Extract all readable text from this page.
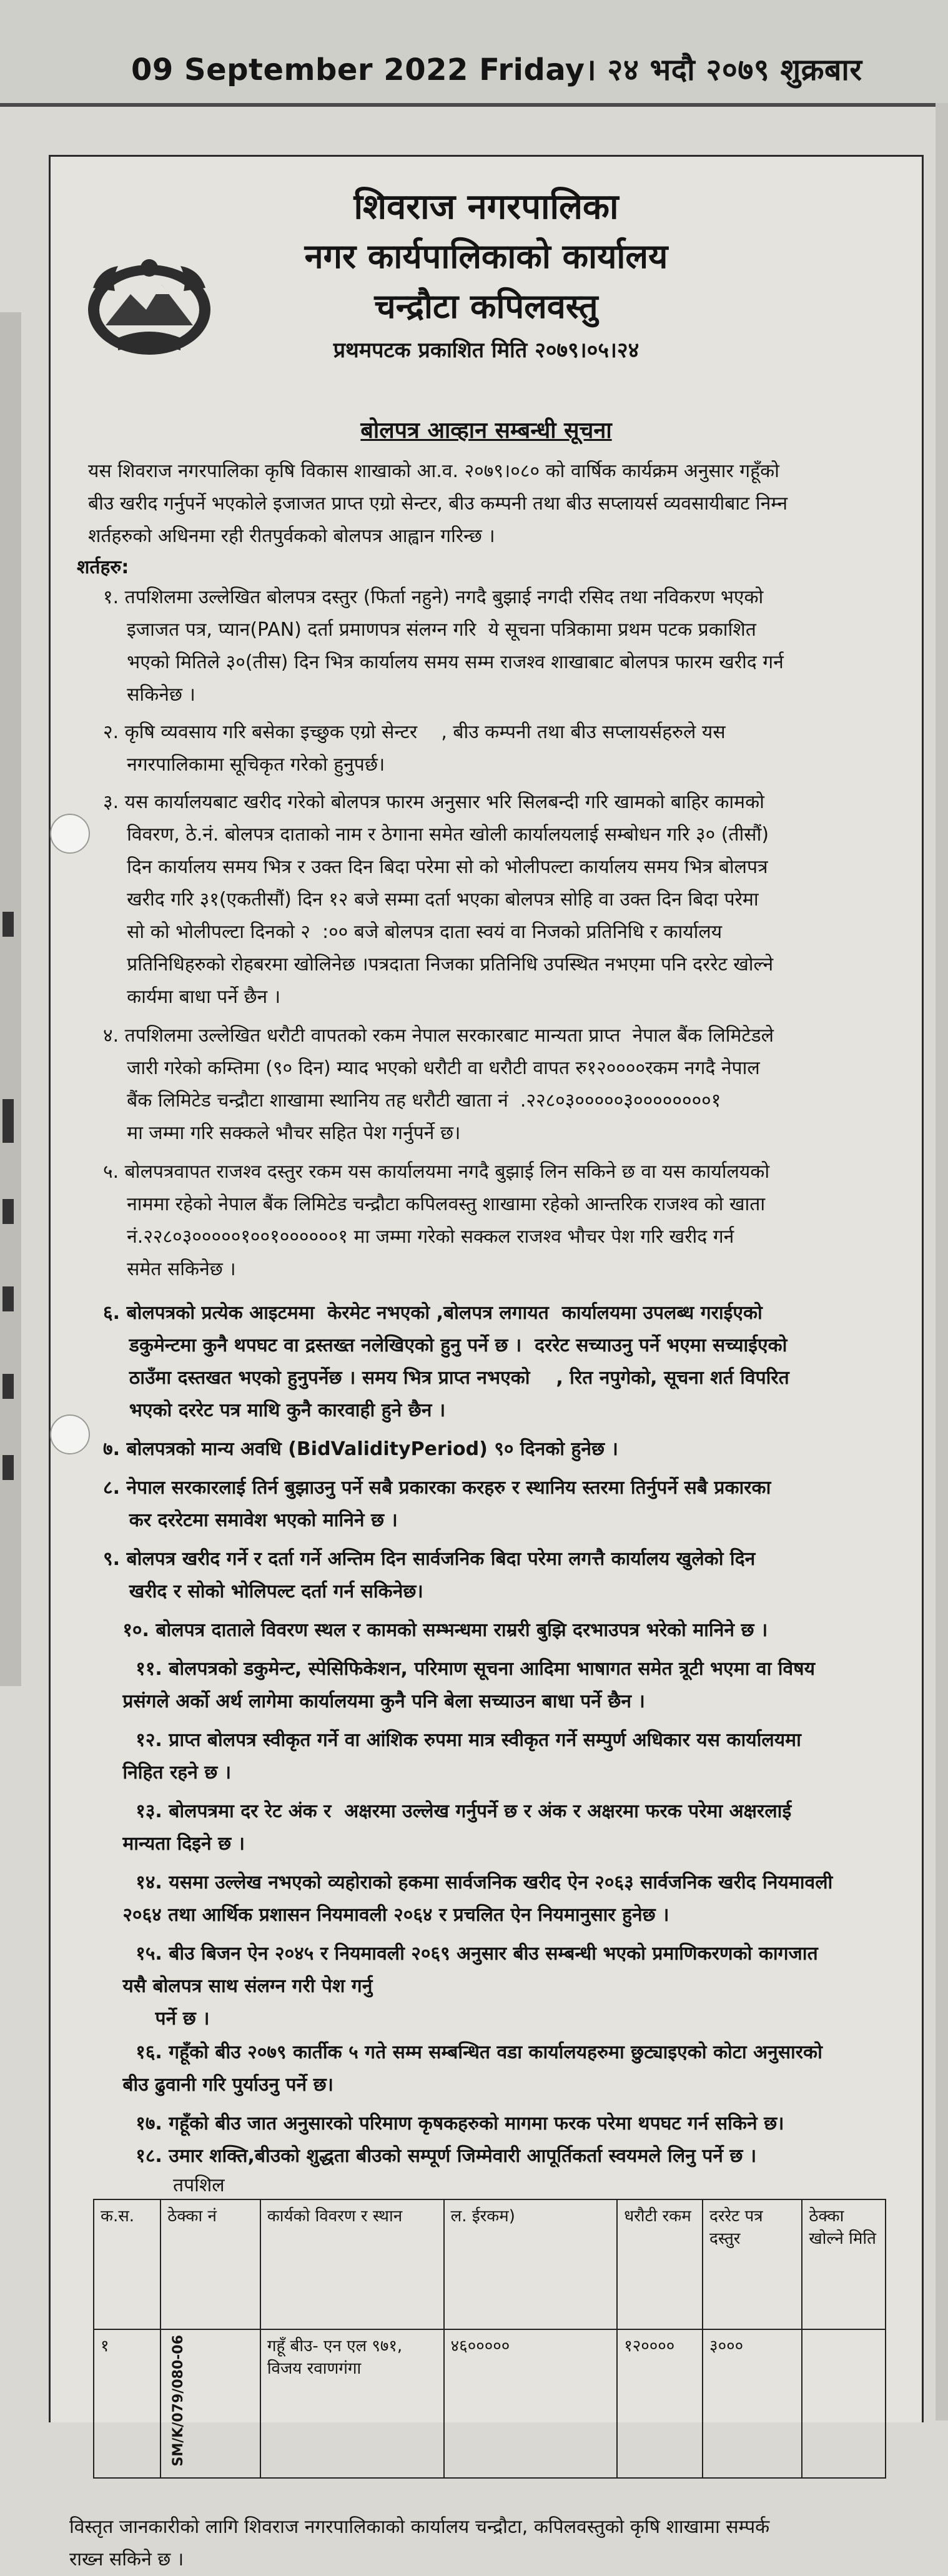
09 September 2022 Friday। २४ भदौ २०७९ शुक्रबार
शिवराज नगरपालिका
नगर कार्यपालिकाको कार्यालय
चन्द्रौटा कपिलवस्तु
प्रथमपटक प्रकाशित मिति २०७९।०५।२४
बोलपत्र आव्हान सम्बन्धी सूचना
यस शिवराज नगरपालिका कृषि विकास शाखाको आ.व. २०७९।०८० को वार्षिक कार्यक्रम अनुसार गहूँको
बीउ खरीद गर्नुपर्ने भएकोले इजाजत प्राप्त एग्रो सेन्टर, बीउ कम्पनी तथा बीउ सप्लायर्स व्यवसायीबाट निम्न
शर्तहरुको अधिनमा रही रीतपुर्वकको बोलपत्र आह्वान गरिन्छ ।
शर्तहरु:
१. तपशिलमा उल्लेखित बोलपत्र दस्तुर (फिर्ता नहुने) नगदै बुझाई नगदी रसिद तथा नविकरण भएको
इजाजत पत्र, प्यान(PAN) दर्ता प्रमाणपत्र संलग्न गरि  ये सूचना पत्रिकामा प्रथम पटक प्रकाशित
भएको मितिले ३०(तीस) दिन भित्र कार्यालय समय सम्म राजश्व शाखाबाट बोलपत्र फारम खरीद गर्न
सकिनेछ ।
२. कृषि व्यवसाय गरि बसेका इच्छुक एग्रो सेन्टर    , बीउ कम्पनी तथा बीउ सप्लायर्सहरुले यस
नगरपालिकामा सूचिकृत गरेको हुनुपर्छ।
३. यस कार्यालयबाट खरीद गरेको बोलपत्र फारम अनुसार भरि सिलबन्दी गरि खामको बाहिर कामको
विवरण, ठे.नं. बोलपत्र दाताको नाम र ठेगाना समेत खोली कार्यालयलाई सम्बोधन गरि ३० (तीसौं)
दिन कार्यालय समय भित्र र उक्त दिन बिदा परेमा सो को भोलीपल्टा कार्यालय समय भित्र बोलपत्र
खरीद गरि ३१(एकतीसौं) दिन १२ बजे सम्मा दर्ता भएका बोलपत्र सोहि वा उक्त दिन बिदा परेमा
सो को भोलीपल्टा दिनको २  :०० बजे बोलपत्र दाता स्वयं वा निजको प्रतिनिधि र कार्यालय
प्रतिनिधिहरुको रोहबरमा खोलिनेछ ।पत्रदाता निजका प्रतिनिधि उपस्थित नभएमा पनि दररेट खोल्ने
कार्यमा बाधा पर्ने छैन ।
४. तपशिलमा उल्लेखित धरौटी वापतको रकम नेपाल सरकारबाट मान्यता प्राप्त  नेपाल बैंक लिमिटेडले
जारी गरेको कम्तिमा (९० दिन) म्याद भएको धरौटी वा धरौटी वापत रु१२००००रकम नगदै नेपाल
बैंक लिमिटेड चन्द्रौटा शाखामा स्थानिय तह धरौटी खाता नं  .२२८०३०००००३००००००००१
मा जम्मा गरि सक्कले भौचर सहित पेश गर्नुपर्ने छ।
५. बोलपत्रवापत राजश्व दस्तुर रकम यस कार्यालयमा नगदै बुझाई लिन सकिने छ वा यस कार्यालयको
नाममा रहेको नेपाल बैंक लिमिटेड चन्द्रौटा कपिलवस्तु शाखामा रहेको आन्तरिक राजश्व को खाता
नं.२२८०३०००००१००१००००००१ मा जम्मा गरेको सक्कल राजश्व भौचर पेश गरि खरीद गर्न
समेत सकिनेछ ।
६. बोलपत्रको प्रत्येक आइटममा  केरमेट नभएको ,बोलपत्र लगायत  कार्यालयमा उपलब्ध गराईएको
डकुमेन्टमा कुनै थपघट वा द्रस्तख्त नलेखिएको हुनु पर्ने छ ।  दररेट सच्याउनु पर्ने भएमा सच्याईएको
ठाउँमा दस्तखत भएको हुनुपर्नेछ । समय भित्र प्राप्त नभएको    , रित नपुगेको, सूचना शर्त विपरित
भएको दररेट पत्र माथि कुनै कारवाही हुने छैन ।
७. बोलपत्रको मान्य अवधि (BidValidityPeriod) ९० दिनको हुनेछ ।
८. नेपाल सरकारलाई तिर्न बुझाउनु पर्ने सबै प्रकारका करहरु र स्थानिय स्तरमा तिर्नुपर्ने सबै प्रकारका
कर दररेटमा समावेश भएको मानिने छ ।
९. बोलपत्र खरीद गर्ने र दर्ता गर्ने अन्तिम दिन सार्वजनिक बिदा परेमा लगत्तै कार्यालय खुलेको दिन
खरीद र सोको भोलिपल्ट दर्ता गर्न सकिनेछ।
१०. बोलपत्र दाताले विवरण स्थल र कामको सम्भन्धमा राम्ररी बुझि दरभाउपत्र भरेको मानिने छ ।
११. बोलपत्रको डकुमेन्ट, स्पेसिफिकेशन, परिमाण सूचना आदिमा भाषागत समेत त्रूटी भएमा वा विषय
प्रसंगले अर्को अर्थ लागेमा कार्यालयमा कुनै पनि बेला सच्याउन बाधा पर्ने छैन ।
१२. प्राप्त बोलपत्र स्वीकृत गर्ने वा आंशिक रुपमा मात्र स्वीकृत गर्ने सम्पुर्ण अधिकार यस कार्यालयमा
निहित रहने छ ।
१३. बोलपत्रमा दर रेट अंक र  अक्षरमा उल्लेख गर्नुपर्ने छ र अंक र अक्षरमा फरक परेमा अक्षरलाई
मान्यता दिइने छ ।
१४. यसमा उल्लेख नभएको व्यहोराको हकमा सार्वजनिक खरीद ऐन २०६३ सार्वजनिक खरीद नियमावली
२०६४ तथा आर्थिक प्रशासन नियमावली २०६४ र प्रचलित ऐन नियमानुसार हुनेछ ।
१५. बीउ बिजन ऐन २०४५ र नियमावली २०६९ अनुसार बीउ सम्बन्धी भएको प्रमाणिकरणको कागजात
यसै बोलपत्र साथ संलग्न गरी पेश गर्नु
पर्ने छ ।
१६. गहूँको बीउ २०७९ कार्तीक ५ गते सम्म सम्बन्धित वडा कार्यालयहरुमा छुट्याइएको कोटा अनुसारको
बीउ ढुवानी गरि पुर्याउनु पर्ने छ।
१७. गहूँको बीउ जात अनुसारको परिमाण कृषकहरुको मागमा फरक परेमा थपघट गर्न सकिने छ।
१८. उमार शक्ति,बीउको शुद्धता बीउको सम्पूर्ण जिम्मेवारी आपूर्तिकर्ता स्वयमले लिनु पर्ने छ ।
तपशिल
क.स.	ठेक्का नं	कार्यको विवरण र स्थान	ल. ईरकम)	धरौटी रकम	दररेट पत्र दस्तुर	ठेक्का खोल्ने मिति
१	SM/K/079/080-06	गहूँ बीउ- एन एल ९७१, विजय रवाणगंगा	४६०००००	१२००००	३०००	
विस्तृत जानकारीको लागि शिवराज नगरपालिकाको कार्यालय चन्द्रौटा, कपिलवस्तुको कृषि शाखामा सम्पर्क
राख्न सकिने छ ।
